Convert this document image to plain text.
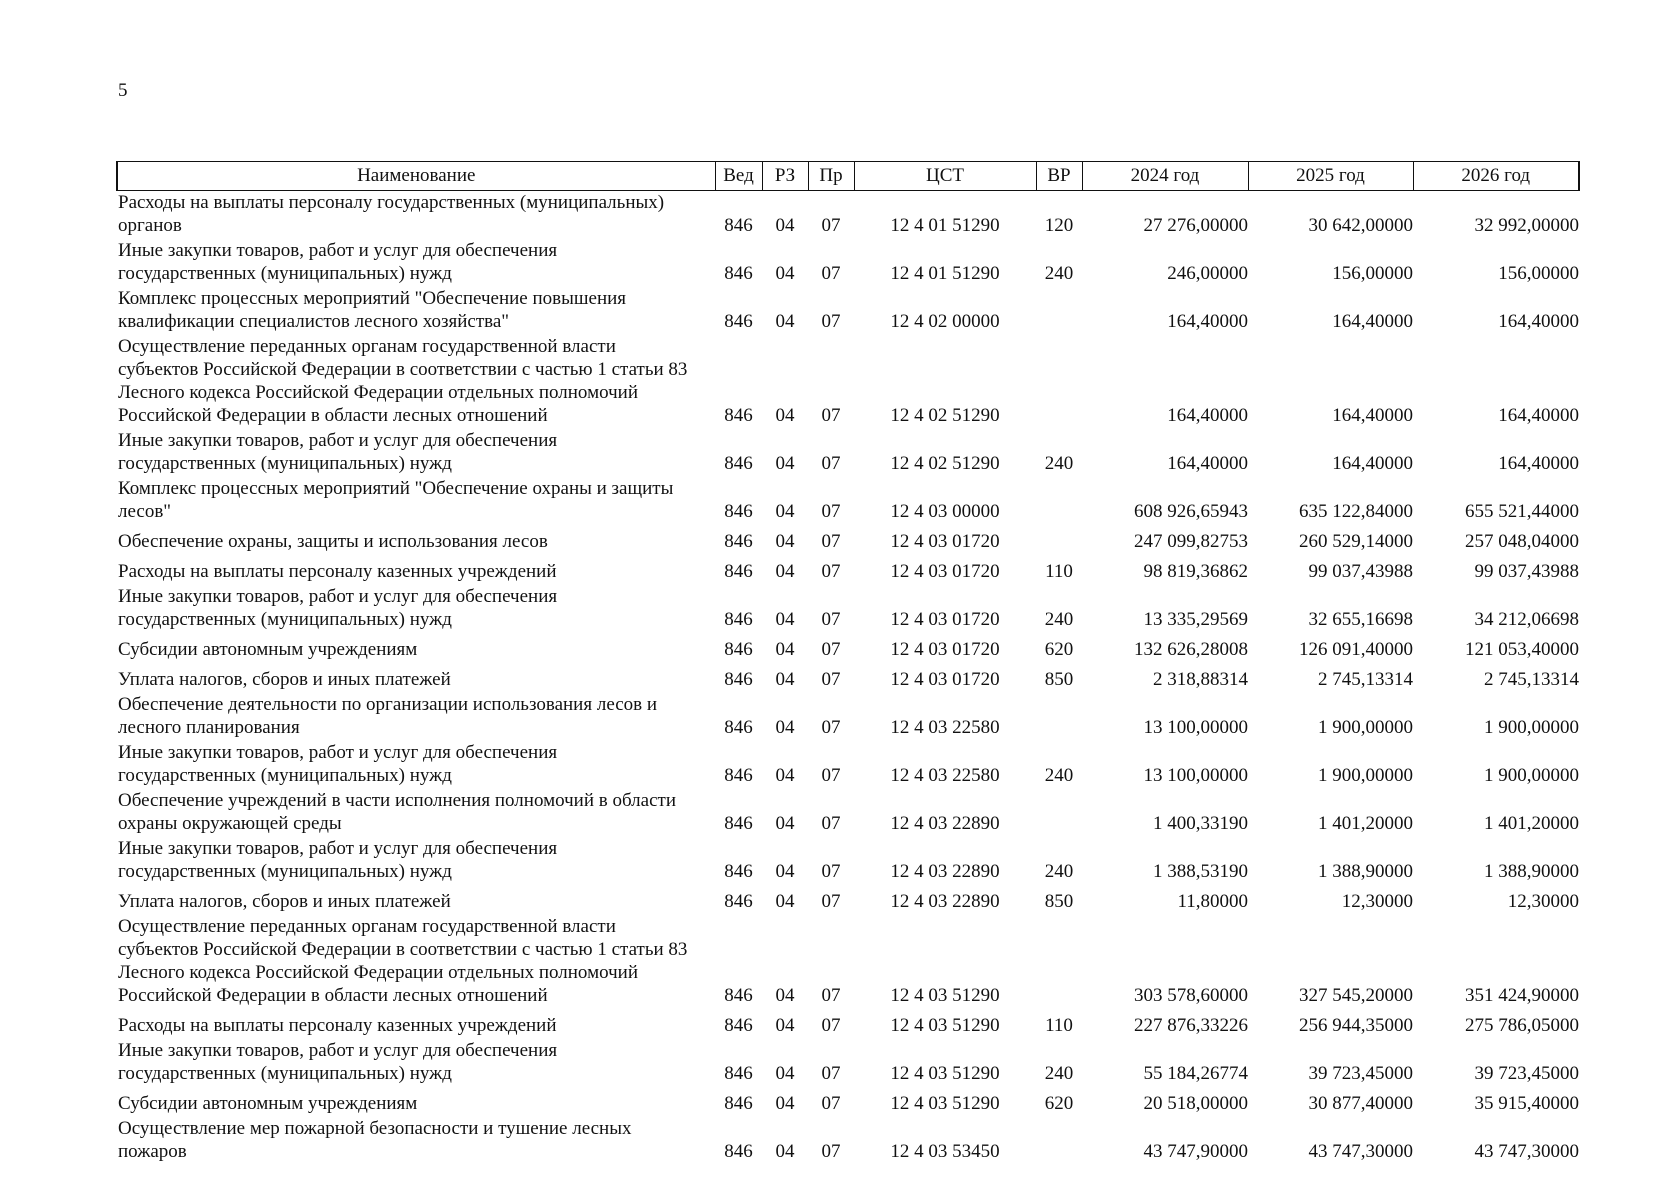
5
Наименование	Вед	РЗ	Пр	ЦСТ	ВР	2024 год	2025 год	2026 год
Расходы на выплаты персоналу государственных (муниципальных)
органов	846	04	07	12 4 01 51290	120	27 276,00000	30 642,00000	32 992,00000
Иные закупки товаров, работ и услуг для обеспечения
государственных (муниципальных) нужд	846	04	07	12 4 01 51290	240	246,00000	156,00000	156,00000
Комплекс процессных мероприятий "Обеспечение повышения
квалификации специалистов лесного хозяйства"	846	04	07	12 4 02 00000		164,40000	164,40000	164,40000
Осуществление переданных органам государственной власти
субъектов Российской Федерации в соответствии с частью 1 статьи 83
Лесного кодекса Российской Федерации отдельных полномочий
Российской Федерации в области лесных отношений	846	04	07	12 4 02 51290		164,40000	164,40000	164,40000
Иные закупки товаров, работ и услуг для обеспечения
государственных (муниципальных) нужд	846	04	07	12 4 02 51290	240	164,40000	164,40000	164,40000
Комплекс процессных мероприятий "Обеспечение охраны и защиты
лесов"	846	04	07	12 4 03 00000		608 926,65943	635 122,84000	655 521,44000
Обеспечение охраны, защиты и использования лесов	846	04	07	12 4 03 01720		247 099,82753	260 529,14000	257 048,04000
Расходы на выплаты персоналу казенных учреждений	846	04	07	12 4 03 01720	110	98 819,36862	99 037,43988	99 037,43988
Иные закупки товаров, работ и услуг для обеспечения
государственных (муниципальных) нужд	846	04	07	12 4 03 01720	240	13 335,29569	32 655,16698	34 212,06698
Субсидии автономным учреждениям	846	04	07	12 4 03 01720	620	132 626,28008	126 091,40000	121 053,40000
Уплата налогов, сборов и иных платежей	846	04	07	12 4 03 01720	850	2 318,88314	2 745,13314	2 745,13314
Обеспечение деятельности по организации использования лесов и
лесного планирования	846	04	07	12 4 03 22580		13 100,00000	1 900,00000	1 900,00000
Иные закупки товаров, работ и услуг для обеспечения
государственных (муниципальных) нужд	846	04	07	12 4 03 22580	240	13 100,00000	1 900,00000	1 900,00000
Обеспечение учреждений в части исполнения полномочий в области
охраны окружающей среды	846	04	07	12 4 03 22890		1 400,33190	1 401,20000	1 401,20000
Иные закупки товаров, работ и услуг для обеспечения
государственных (муниципальных) нужд	846	04	07	12 4 03 22890	240	1 388,53190	1 388,90000	1 388,90000
Уплата налогов, сборов и иных платежей	846	04	07	12 4 03 22890	850	11,80000	12,30000	12,30000
Осуществление переданных органам государственной власти
субъектов Российской Федерации в соответствии с частью 1 статьи 83
Лесного кодекса Российской Федерации отдельных полномочий
Российской Федерации в области лесных отношений	846	04	07	12 4 03 51290		303 578,60000	327 545,20000	351 424,90000
Расходы на выплаты персоналу казенных учреждений	846	04	07	12 4 03 51290	110	227 876,33226	256 944,35000	275 786,05000
Иные закупки товаров, работ и услуг для обеспечения
государственных (муниципальных) нужд	846	04	07	12 4 03 51290	240	55 184,26774	39 723,45000	39 723,45000
Субсидии автономным учреждениям	846	04	07	12 4 03 51290	620	20 518,00000	30 877,40000	35 915,40000
Осуществление мер пожарной безопасности и тушение лесных
пожаров	846	04	07	12 4 03 53450		43 747,90000	43 747,30000	43 747,30000
